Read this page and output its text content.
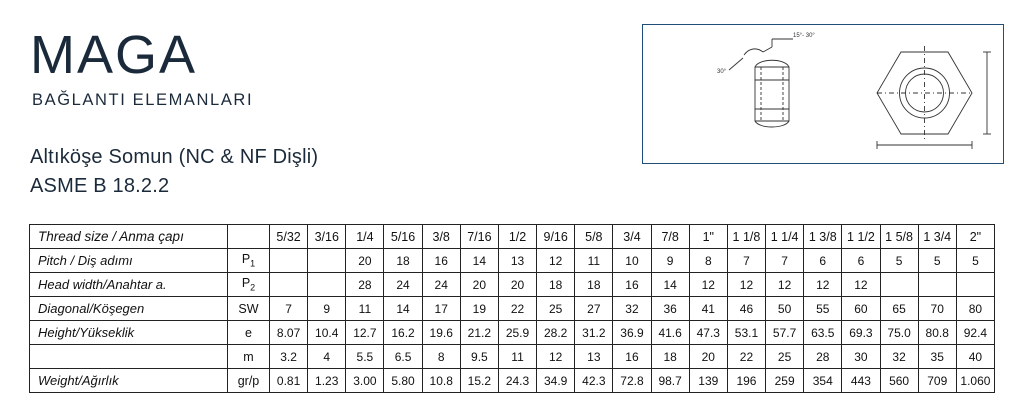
MAGA
BAĞLANTI ELEMANLARI
Altıköşe Somun (NC & NF Dişli)
ASME B 18.2.2
15°- 30°
30°
Thread size / Anma çapı		5/32	3/16	1/4	5/16	3/8	7/16	1/2	9/16	5/8	3/4	7/8	1"	1 1/8	1 1/4	1 3/8	1 1/2	1 5/8	1 3/4	2"
Pitch / Diş adımı	$P_1$			20	18	16	14	13	12	11	10	9	8	7	7	6	6	5	5	5
Head width/Anahtar a.	$P_2$			28	24	24	20	20	18	18	16	14	12	12	12	12	12			
Diagonal/Köşegen	SW	7	9	11	14	17	19	22	25	27	32	36	41	46	50	55	60	65	70	80
Height/Yükseklik	e	8.07	10.4	12.7	16.2	19.6	21.2	25.9	28.2	31.2	36.9	41.6	47.3	53.1	57.7	63.5	69.3	75.0	80.8	92.4
	m	3.2	4	5.5	6.5	8	9.5	11	12	13	16	18	20	22	25	28	30	32	35	40
Weight/Ağırlık	gr/p	0.81	1.23	3.00	5.80	10.8	15.2	24.3	34.9	42.3	72.8	98.7	139	196	259	354	443	560	709	1.060
